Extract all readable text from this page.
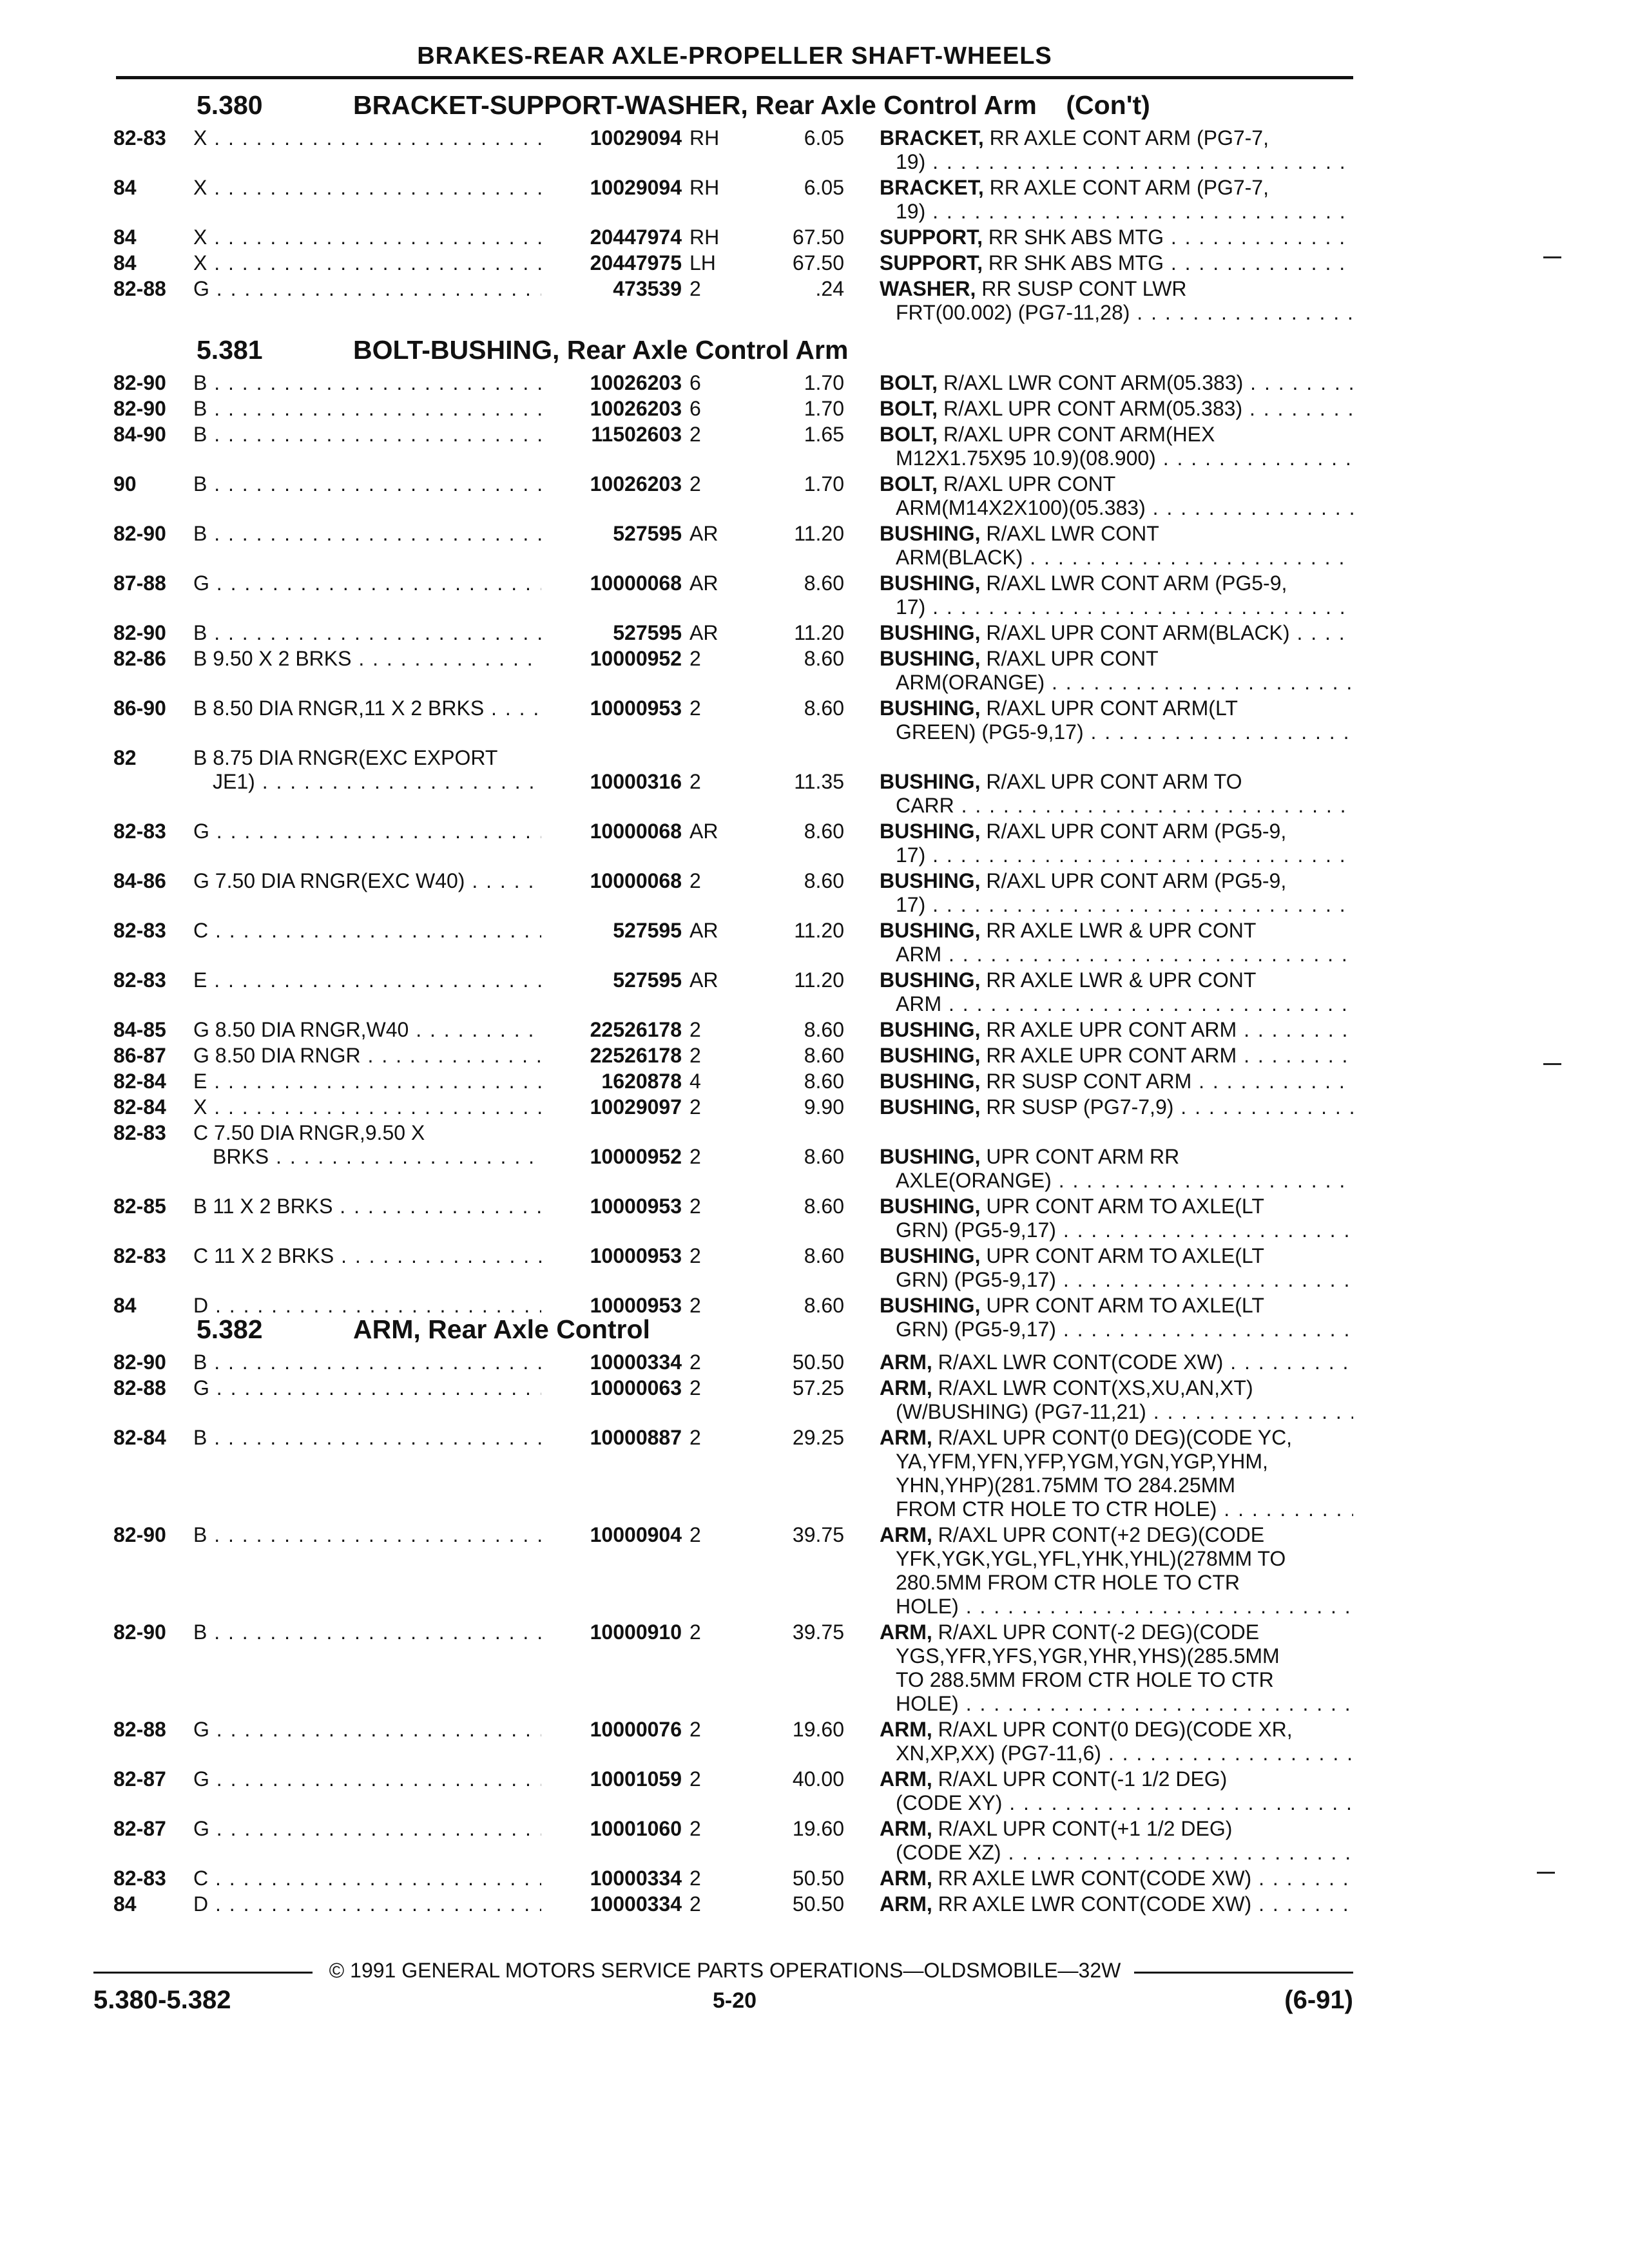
BRAKES-REAR AXLE-PROPELLER SHAFT-WHEELS
5.380	BRACKET-SUPPORT-WASHER, Rear Axle Control Arm    (Con't)
82-83	X . . .	10029094 RH	6.05 BRACKET, RR AXLE CONT ARM (PG7-7,
19) . . .
84	X . . .	10029094 RH	6.05 BRACKET, RR AXLE CONT ARM (PG7-7,
19) . . .
84	X . . .	20447974 RH	67.50 SUPPORT, RR SHK ABS MTG . . .
84	X . . .	20447975 LH	67.50 SUPPORT, RR SHK ABS MTG . . .
82-88	G . . .	473539 2	.24 WASHER, RR SUSP CONT LWR
FRT(00.002) (PG7-11,28) . . .
5.381	BOLT-BUSHING, Rear Axle Control Arm
82-90	B . . .	10026203 6	1.70 BOLT, R/AXL LWR CONT ARM(05.383) . . .
82-90	B . . .	10026203 6	1.70 BOLT, R/AXL UPR CONT ARM(05.383) . . .
84-90	B . . .	11502603 2	1.65 BOLT, R/AXL UPR CONT ARM(HEX
M12X1.75X95 10.9)(08.900) . . .
90	B . . .	10026203 2	1.70 BOLT, R/AXL UPR CONT
ARM(M14X2X100)(05.383) . . .
82-90	B . . .	527595 AR	11.20 BUSHING, R/AXL LWR CONT
ARM(BLACK) . . .
87-88	G . . .	10000068 AR	8.60 BUSHING, R/AXL LWR CONT ARM (PG5-9,
17) . . .
82-90	B . . .	527595 AR	11.20 BUSHING, R/AXL UPR CONT ARM(BLACK) . . .
82-86	B 9.50 X 2 BRKS . . .	10000952 2	8.60 BUSHING, R/AXL UPR CONT
ARM(ORANGE) . . .
86-90	B 8.50 DIA RNGR,11 X 2 BRKS . . .	10000953 2	8.60 BUSHING, R/AXL UPR CONT ARM(LT
GREEN) (PG5-9,17) . . .
82	B 8.75 DIA RNGR(EXC EXPORT
JE1) . . .	10000316 2	11.35 BUSHING, R/AXL UPR CONT ARM TO
CARR . . .
82-83	G . . .	10000068 AR	8.60 BUSHING, R/AXL UPR CONT ARM (PG5-9,
17) . . .
84-86	G 7.50 DIA RNGR(EXC W40) . . .	10000068 2	8.60 BUSHING, R/AXL UPR CONT ARM (PG5-9,
17) . . .
82-83	C . . .	527595 AR	11.20 BUSHING, RR AXLE LWR & UPR CONT
ARM . . .
82-83	E . . .	527595 AR	11.20 BUSHING, RR AXLE LWR & UPR CONT
ARM . . .
84-85	G 8.50 DIA RNGR,W40 . . .	22526178 2	8.60 BUSHING, RR AXLE UPR CONT ARM . . .
86-87	G 8.50 DIA RNGR . . .	22526178 2	8.60 BUSHING, RR AXLE UPR CONT ARM . . .
82-84	E . . .	1620878 4	8.60 BUSHING, RR SUSP CONT ARM . . .
82-84	X . . .	10029097 2	9.90 BUSHING, RR SUSP (PG7-7,9) . . .
82-83	C 7.50 DIA RNGR,9.50 X
BRKS . . .	10000952 2	8.60 BUSHING, UPR CONT ARM RR
AXLE(ORANGE) . . .
82-85	B 11 X 2 BRKS . . .	10000953 2	8.60 BUSHING, UPR CONT ARM TO AXLE(LT
GRN) (PG5-9,17) . . .
82-83	C 11 X 2 BRKS . . .	10000953 2	8.60 BUSHING, UPR CONT ARM TO AXLE(LT
GRN) (PG5-9,17) . . .
84	D . . .	10000953 2	8.60 BUSHING, UPR CONT ARM TO AXLE(LT
GRN) (PG5-9,17) . . .
5.382	ARM, Rear Axle Control
82-90	B . . .	10000334 2	50.50 ARM, R/AXL LWR CONT(CODE XW) . . .
82-88	G . . .	10000063 2	57.25 ARM, R/AXL LWR CONT(XS,XU,AN,XT)
(W/BUSHING) (PG7-11,21) . . .
82-84	B . . .	10000887 2	29.25 ARM, R/AXL UPR CONT(0 DEG)(CODE YC,
YA,YFM,YFN,YFP,YGM,YGN,YGP,YHM,
YHN,YHP)(281.75MM TO 284.25MM
FROM CTR HOLE TO CTR HOLE) . . .
82-90	B . . .	10000904 2	39.75 ARM, R/AXL UPR CONT(+2 DEG)(CODE
YFK,YGK,YGL,YFL,YHK,YHL)(278MM TO
280.5MM FROM CTR HOLE TO CTR
HOLE) . . .
82-90	B . . .	10000910 2	39.75 ARM, R/AXL UPR CONT(-2 DEG)(CODE
YGS,YFR,YFS,YGR,YHR,YHS)(285.5MM
TO 288.5MM FROM CTR HOLE TO CTR
HOLE) . . .
82-88	G . . .	10000076 2	19.60 ARM, R/AXL UPR CONT(0 DEG)(CODE XR,
XN,XP,XX) (PG7-11,6) . . .
82-87	G . . .	10001059 2	40.00 ARM, R/AXL UPR CONT(-1 1/2 DEG)
(CODE XY) . . .
82-87	G . . .	10001060 2	19.60 ARM, R/AXL UPR CONT(+1 1/2 DEG)
(CODE XZ) . . .
82-83	C . . .	10000334 2	50.50 ARM, RR AXLE LWR CONT(CODE XW) . . .
84	D . . .	10000334 2	50.50 ARM, RR AXLE LWR CONT(CODE XW) . . .
© 1991 GENERAL MOTORS SERVICE PARTS OPERATIONS—OLDSMOBILE—32W
5.380-5.382	5-20	(6-91)
